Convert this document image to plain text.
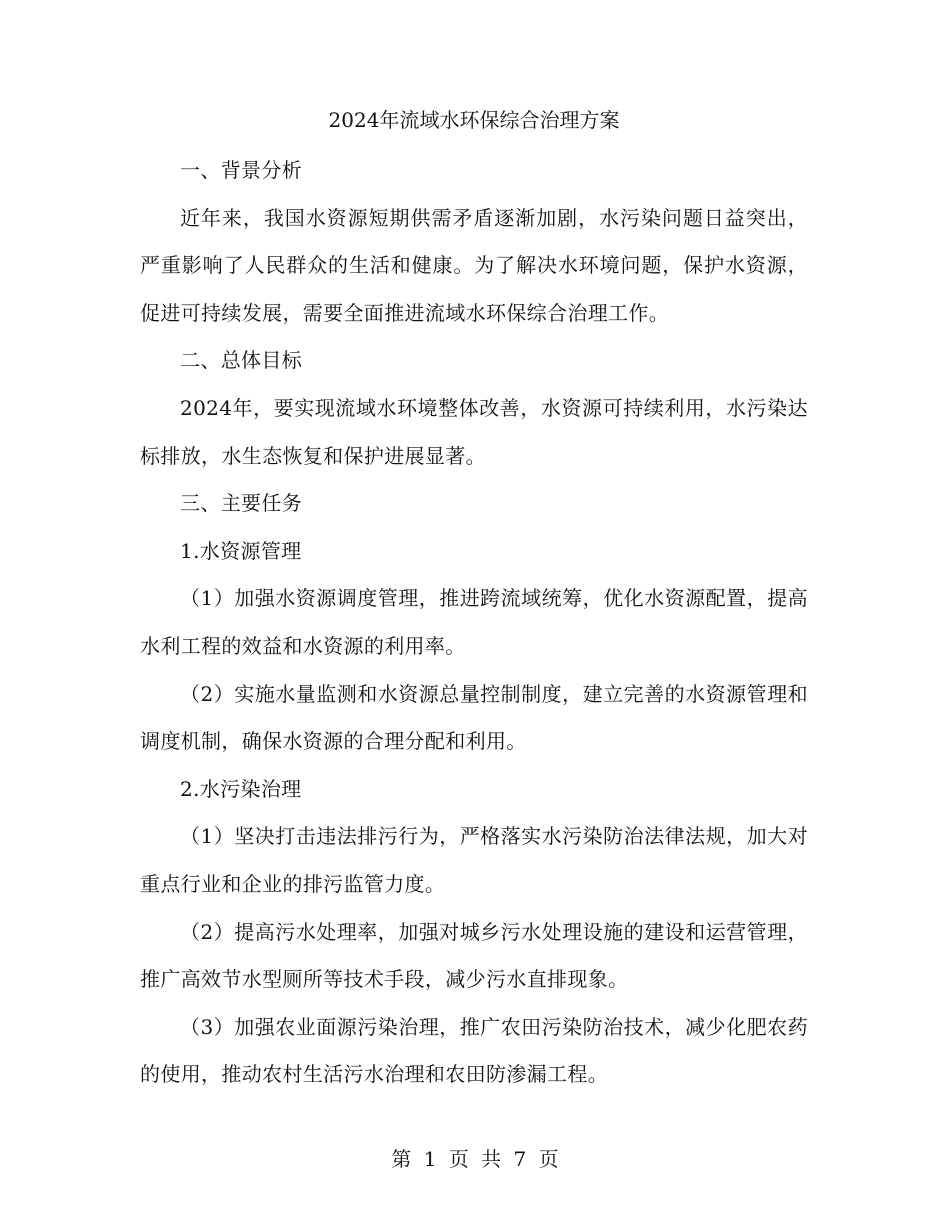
2024年流域水环保综合治理方案

一、背景分析

近年来，我国水资源短期供需矛盾逐渐加剧，水污染问题日益突出，严重影响了人民群众的生活和健康。为了解决水环境问题，保护水资源，促进可持续发展，需要全面推进流域水环保综合治理工作。

二、总体目标

2024年，要实现流域水环境整体改善，水资源可持续利用，水污染达标排放，水生态恢复和保护进展显著。

三、主要任务

1.水资源管理

（1）加强水资源调度管理，推进跨流域统筹，优化水资源配置，提高水利工程的效益和水资源的利用率。

（2）实施水量监测和水资源总量控制制度，建立完善的水资源管理和调度机制，确保水资源的合理分配和利用。

2.水污染治理

（1）坚决打击违法排污行为，严格落实水污染防治法律法规，加大对重点行业和企业的排污监管力度。

（2）提高污水处理率，加强对城乡污水处理设施的建设和运营管理，推广高效节水型厕所等技术手段，减少污水直排现象。

（3）加强农业面源污染治理，推广农田污染防治技术，减少化肥农药的使用，推动农村生活污水治理和农田防渗漏工程。

第 1 页 共 7 页
